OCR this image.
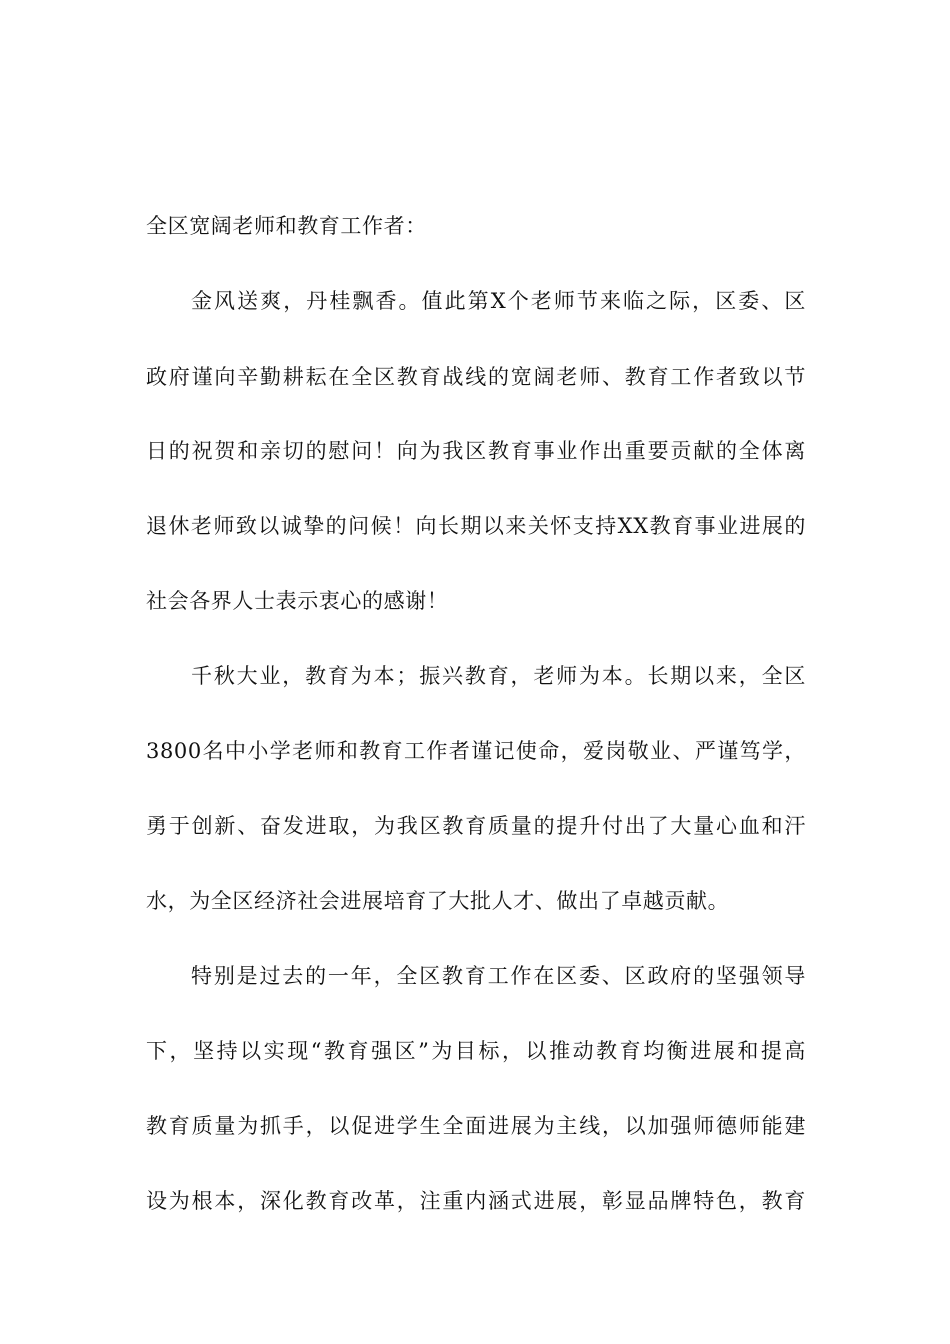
全区宽阔老师和教育工作者：
金风送爽，丹桂飘香。值此第X个老师节来临之际，区委、区
政府谨向辛勤耕耘在全区教育战线的宽阔老师、教育工作者致以节
日的祝贺和亲切的慰问！向为我区教育事业作出重要贡献的全体离
退休老师致以诚挚的问候！向长期以来关怀支持XX教育事业进展的
社会各界人士表示衷心的感谢！
千秋大业，教育为本；振兴教育，老师为本。长期以来，全区
3800名中小学老师和教育工作者谨记使命，爱岗敬业、严谨笃学，
勇于创新、奋发进取，为我区教育质量的提升付出了大量心血和汗
水，为全区经济社会进展培育了大批人才、做出了卓越贡献。
特别是过去的一年，全区教育工作在区委、区政府的坚强领导
下，坚持以实现“教育强区”为目标，以推动教育均衡进展和提高
教育质量为抓手，以促进学生全面进展为主线，以加强师德师能建
设为根本，深化教育改革，注重内涵式进展，彰显品牌特色，教育
